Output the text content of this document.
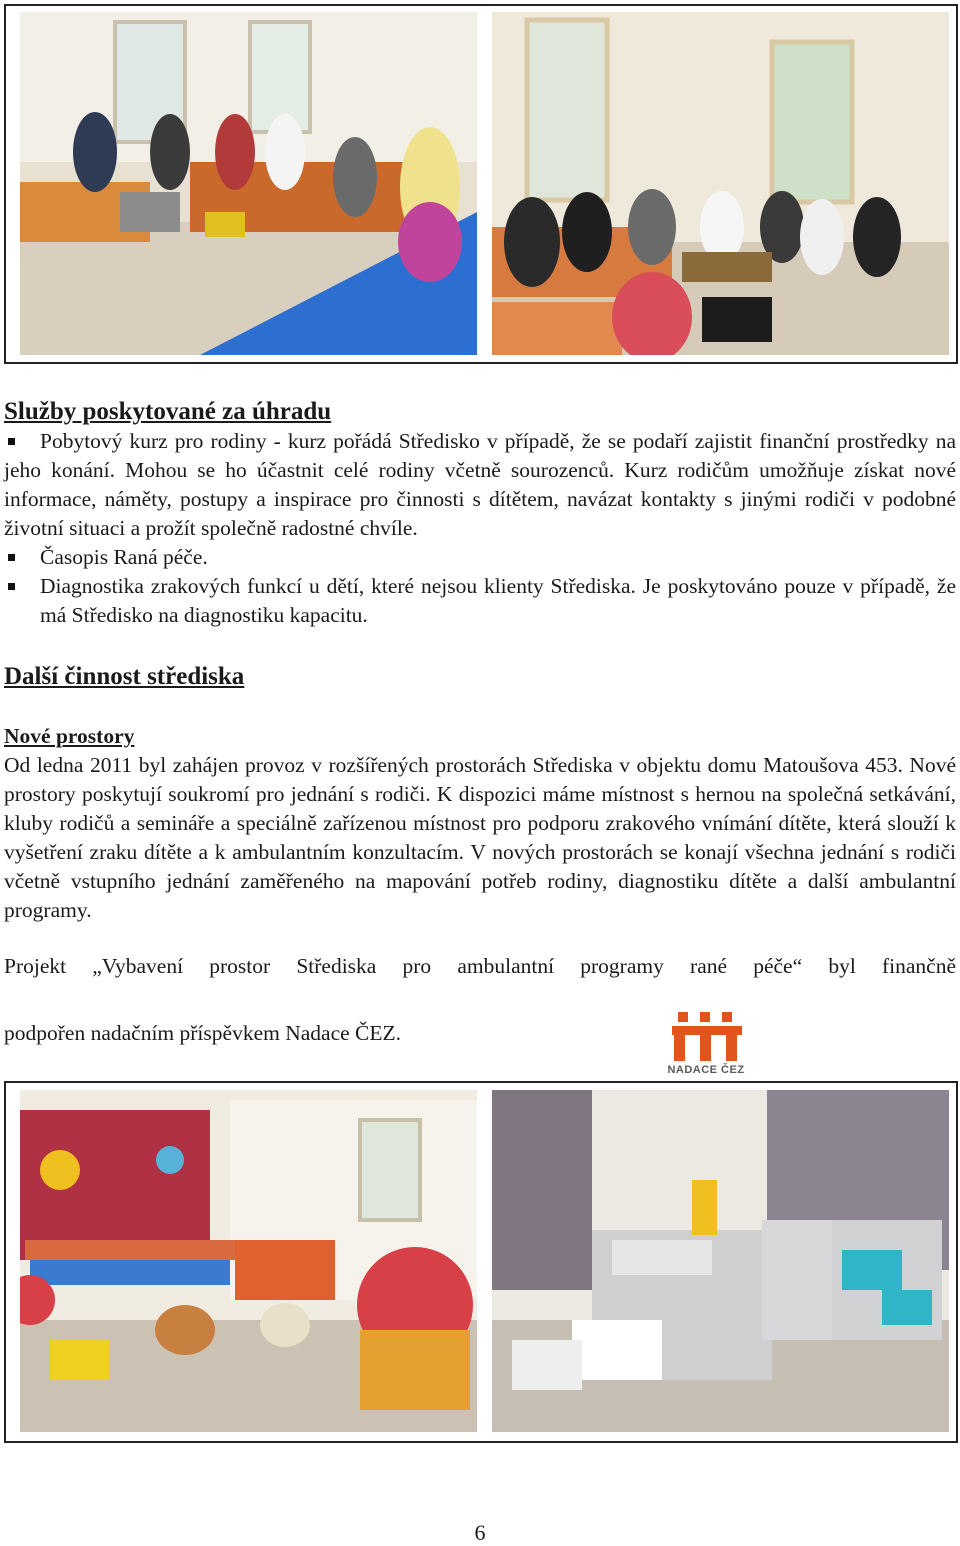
Služby poskytované za úhradu
Pobytový kurz pro rodiny - kurz pořádá Středisko v případě, že se podaří zajistit finanční prostředky na jeho konání. Mohou se ho účastnit celé rodiny včetně sourozenců. Kurz rodičům umožňuje získat nové informace, náměty, postupy a inspirace pro činnosti s dítětem, navázat kontakty s jinými rodiči v podobné životní situaci a prožít společně radostné chvíle.
Časopis Raná péče.
Diagnostika zrakových funkcí u dětí, které nejsou klienty Střediska. Je poskytováno pouze v případě, že má Středisko na diagnostiku kapacitu.
Další činnost střediska
Nové prostory

Od ledna 2011 byl zahájen provoz v rozšířených prostorách Střediska v objektu domu Matoušova 453. Nové prostory poskytují soukromí pro jednání s rodiči. K dispozici máme místnost s hernou na společná setkávání, kluby rodičů a semináře a speciálně zařízenou místnost pro podporu zrakového vnímání dítěte, která slouží k vyšetření zraku dítěte a k ambulantním konzultacím. V nových prostorách se konají všechna jednání s rodiči včetně vstupního jednání zaměřeného na mapování potřeb rodiny, diagnostiku dítěte a další ambulantní programy.

Projekt „Vybavení prostor Střediska pro ambulantní programy rané péče“ byl finančně

podpořen nadačním příspěvkem Nadace ČEZ.

NADACE ČEZ
6
